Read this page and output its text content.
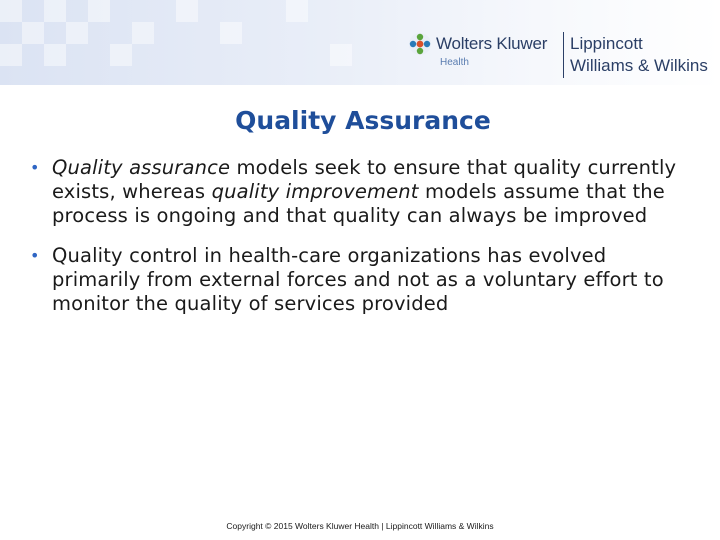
Wolters Kluwer
Health
Lippincott
Williams & Wilkins
Quality Assurance
• Quality assurance models seek to ensure that quality currently exists, whereas quality improvement models assume that the process is ongoing and that quality can always be improved
• Quality control in health-care organizations has evolved primarily from external forces and not as a voluntary effort to monitor the quality of services provided
Copyright © 2015 Wolters Kluwer Health | Lippincott Williams & Wilkins
